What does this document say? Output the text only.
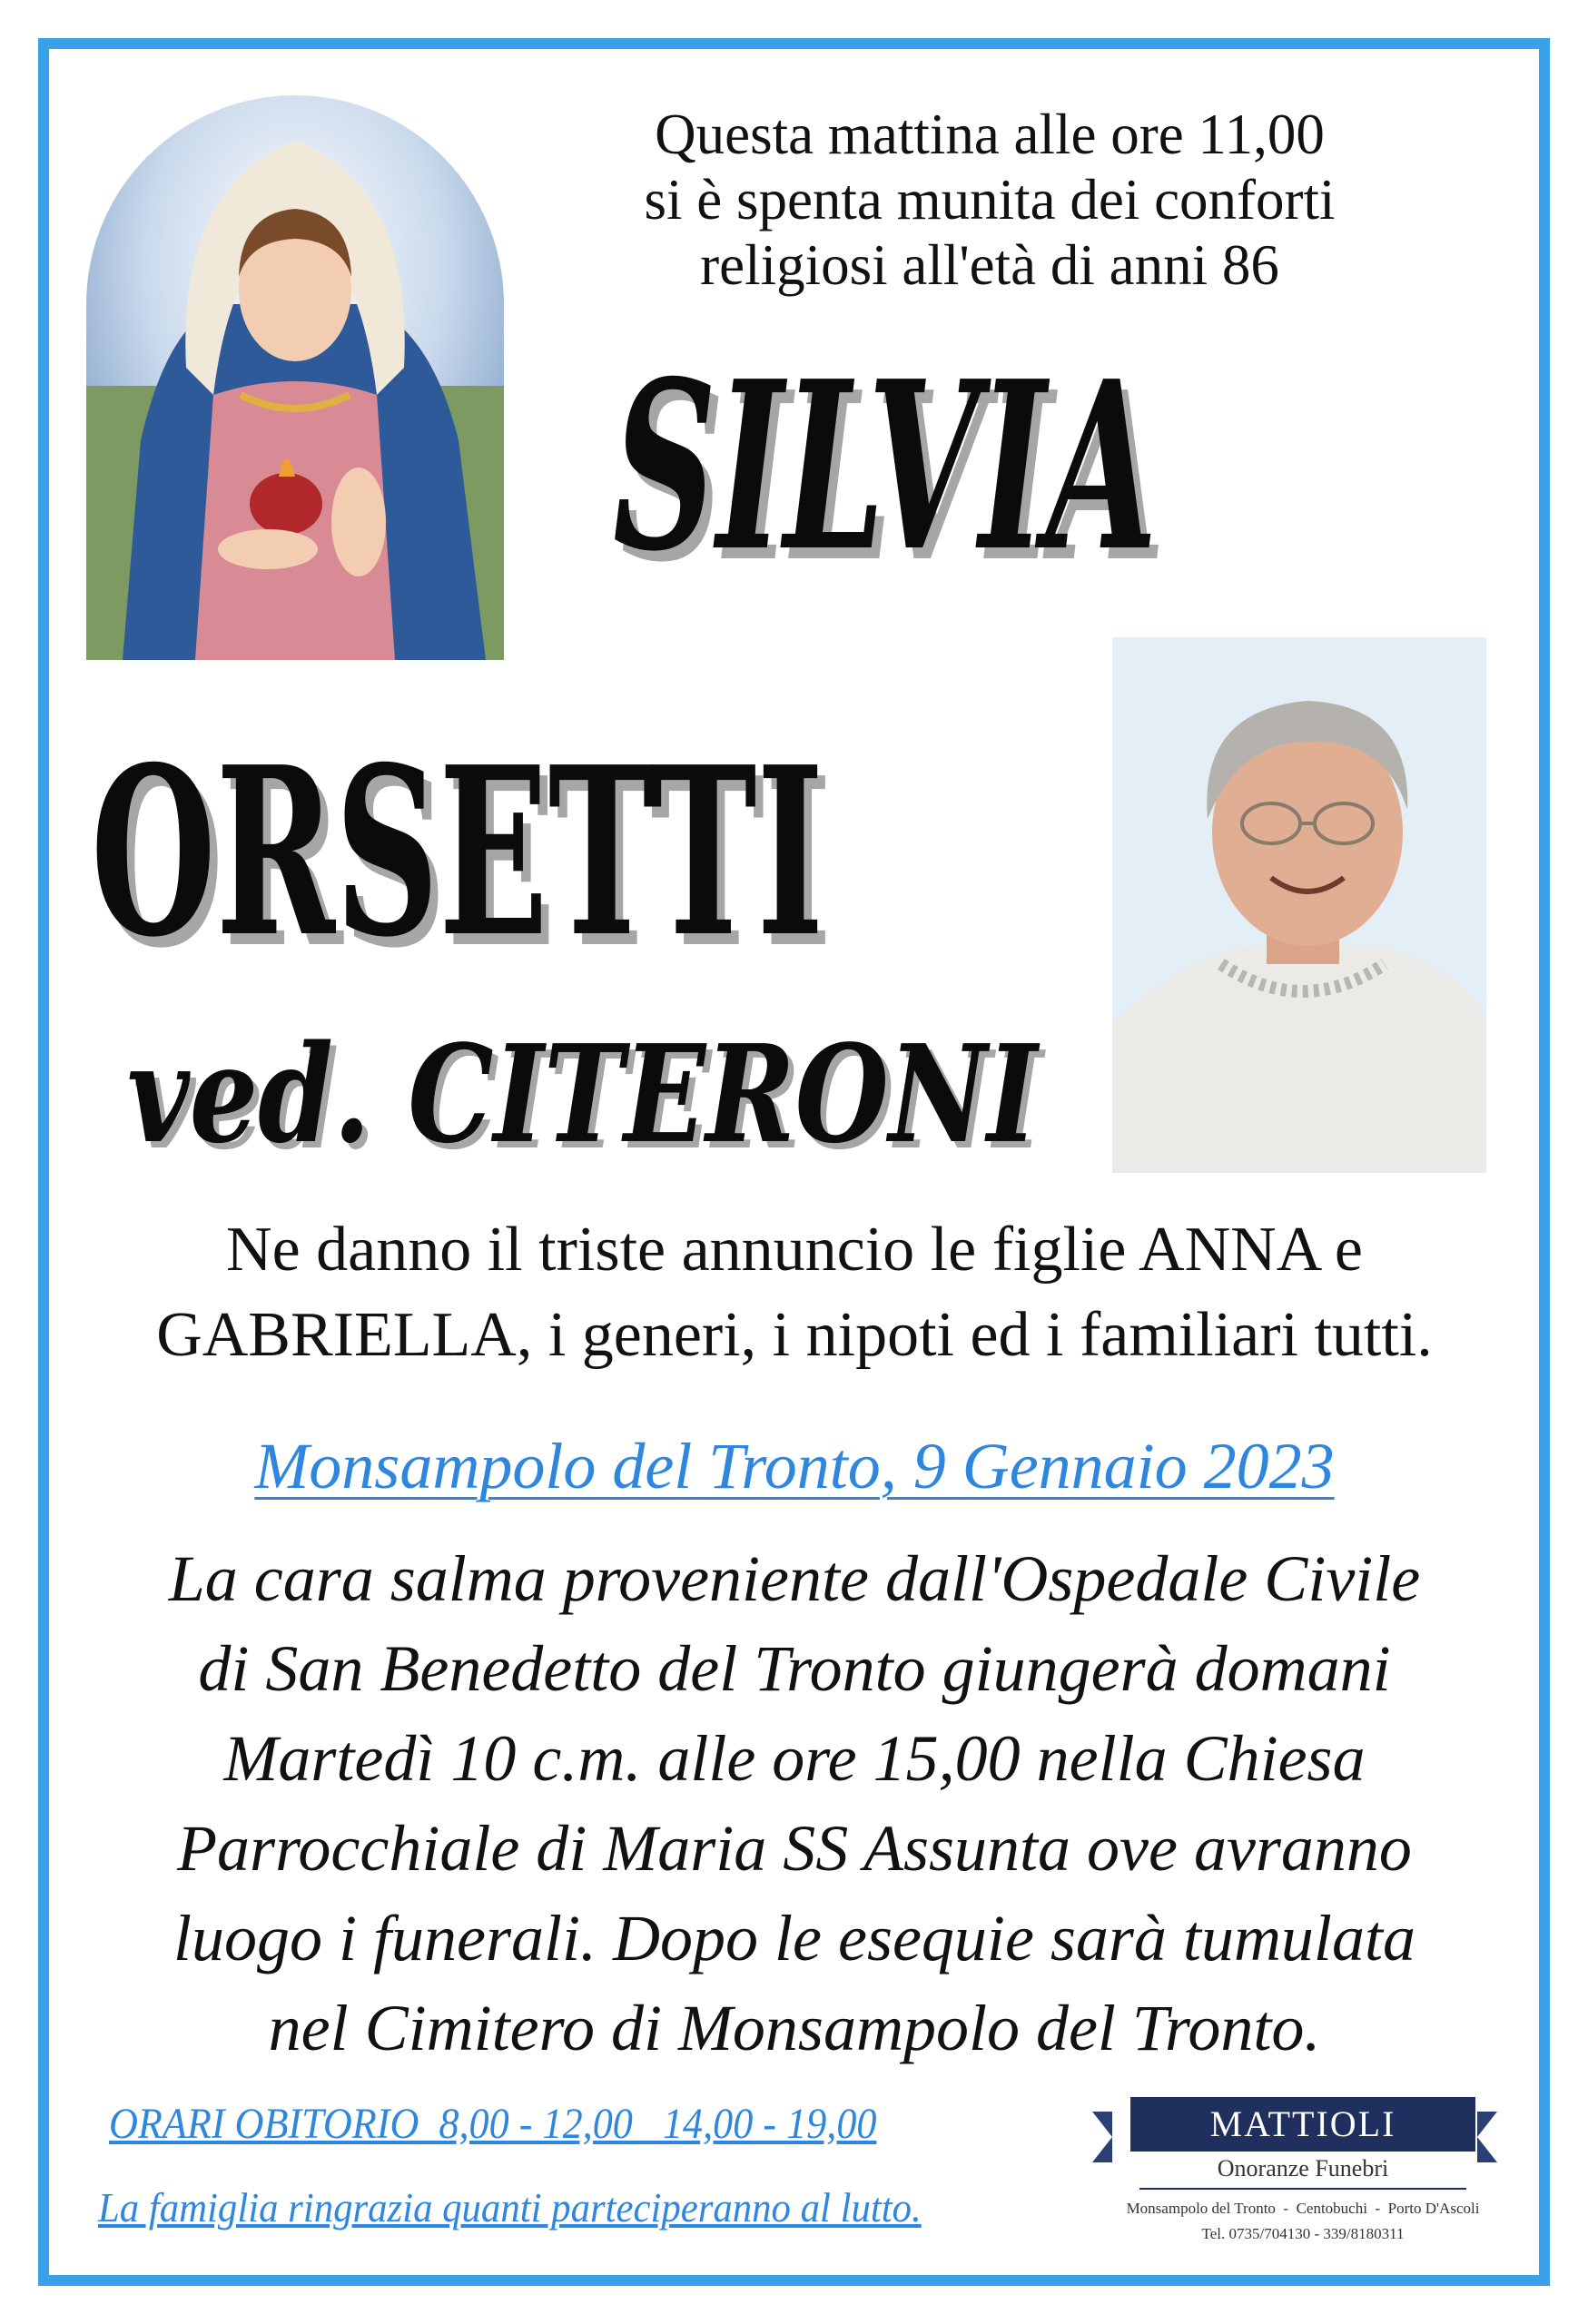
Questa mattina alle ore 11,00
si è spenta munita dei conforti
religiosi all'età di anni 86
SILVIA
ORSETTI
ved. CITERONI
Ne danno il triste annuncio le figlie ANNA e
GABRIELLA, i generi, i nipoti ed i familiari tutti.
Monsampolo del Tronto, 9 Gennaio 2023
La cara salma proveniente dall'Ospedale Civile
di San Benedetto del Tronto giungerà domani
Martedì 10 c.m. alle ore 15,00 nella Chiesa
Parrocchiale di Maria SS Assunta ove avranno
luogo i funerali. Dopo le esequie sarà tumulata
nel Cimitero di Monsampolo del Tronto.
ORARI OBITORIO  8,00 - 12,00   14,00 - 19,00
La famiglia ringrazia quanti parteciperanno al lutto.
MATTIOLI
Onoranze Funebri
Monsampolo del Tronto  -  Centobuchi  -  Porto D'Ascoli
Tel. 0735/704130 - 339/8180311
